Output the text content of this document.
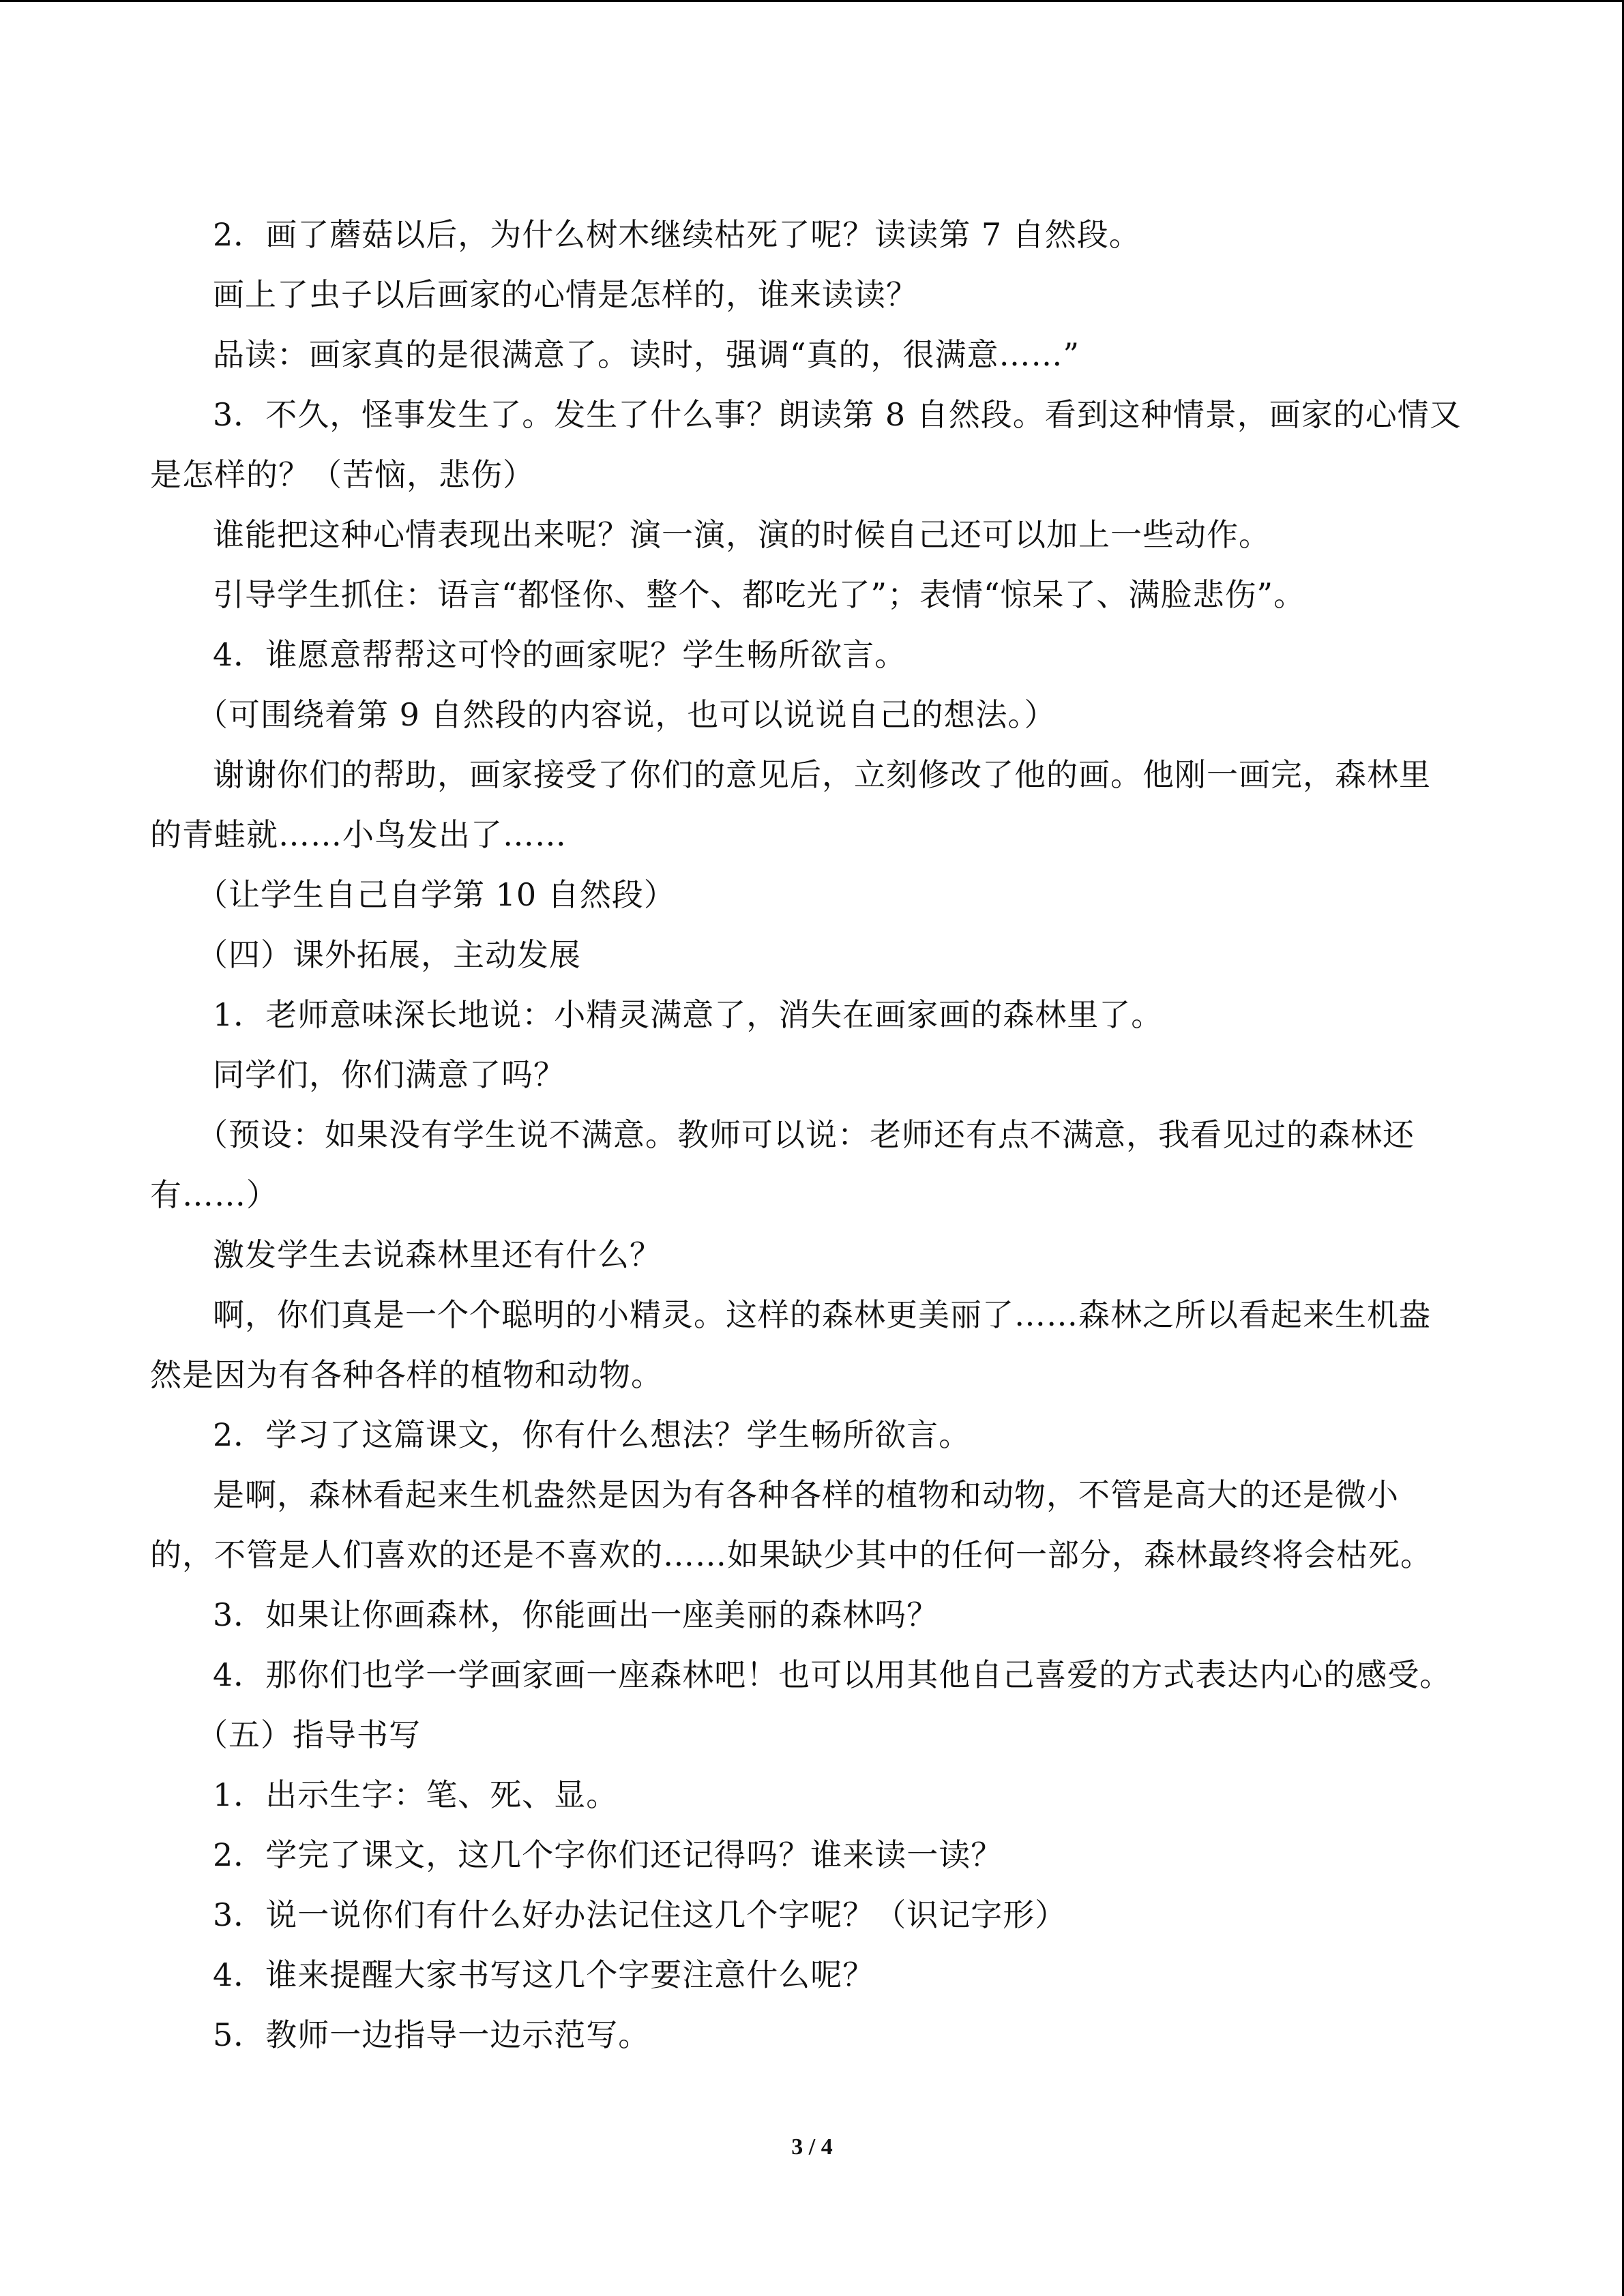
2．画了蘑菇以后，为什么树木继续枯死了呢？读读第 7 自然段。

画上了虫子以后画家的心情是怎样的，谁来读读？

品读：画家真的是很满意了。读时，强调“真的，很满意……”

3．不久，怪事发生了。发生了什么事？朗读第 8 自然段。看到这种情景，画家的心情又

是怎样的？（苦恼，悲伤）

谁能把这种心情表现出来呢？演一演，演的时候自己还可以加上一些动作。

引导学生抓住：语言“都怪你、整个、都吃光了”；表情“惊呆了、满脸悲伤”。

4．谁愿意帮帮这可怜的画家呢？学生畅所欲言。

（可围绕着第 9 自然段的内容说，也可以说说自己的想法。）

谢谢你们的帮助，画家接受了你们的意见后，立刻修改了他的画。他刚一画完，森林里

的青蛙就……小鸟发出了……

（让学生自己自学第 10 自然段）

（四）课外拓展，主动发展

1．老师意味深长地说：小精灵满意了，消失在画家画的森林里了。

同学们，你们满意了吗？

（预设：如果没有学生说不满意。教师可以说：老师还有点不满意，我看见过的森林还

有……）

激发学生去说森林里还有什么？

啊，你们真是一个个聪明的小精灵。这样的森林更美丽了……森林之所以看起来生机盎

然是因为有各种各样的植物和动物。

2．学习了这篇课文，你有什么想法？学生畅所欲言。

是啊，森林看起来生机盎然是因为有各种各样的植物和动物，不管是高大的还是微小

的，不管是人们喜欢的还是不喜欢的……如果缺少其中的任何一部分，森林最终将会枯死。

3．如果让你画森林，你能画出一座美丽的森林吗？

4．那你们也学一学画家画一座森林吧！也可以用其他自己喜爱的方式表达内心的感受。

（五）指导书写

1．出示生字：笔、死、显。

2．学完了课文，这几个字你们还记得吗？谁来读一读？

3．说一说你们有什么好办法记住这几个字呢？（识记字形）

4．谁来提醒大家书写这几个字要注意什么呢？

5．教师一边指导一边示范写。

3 / 4
